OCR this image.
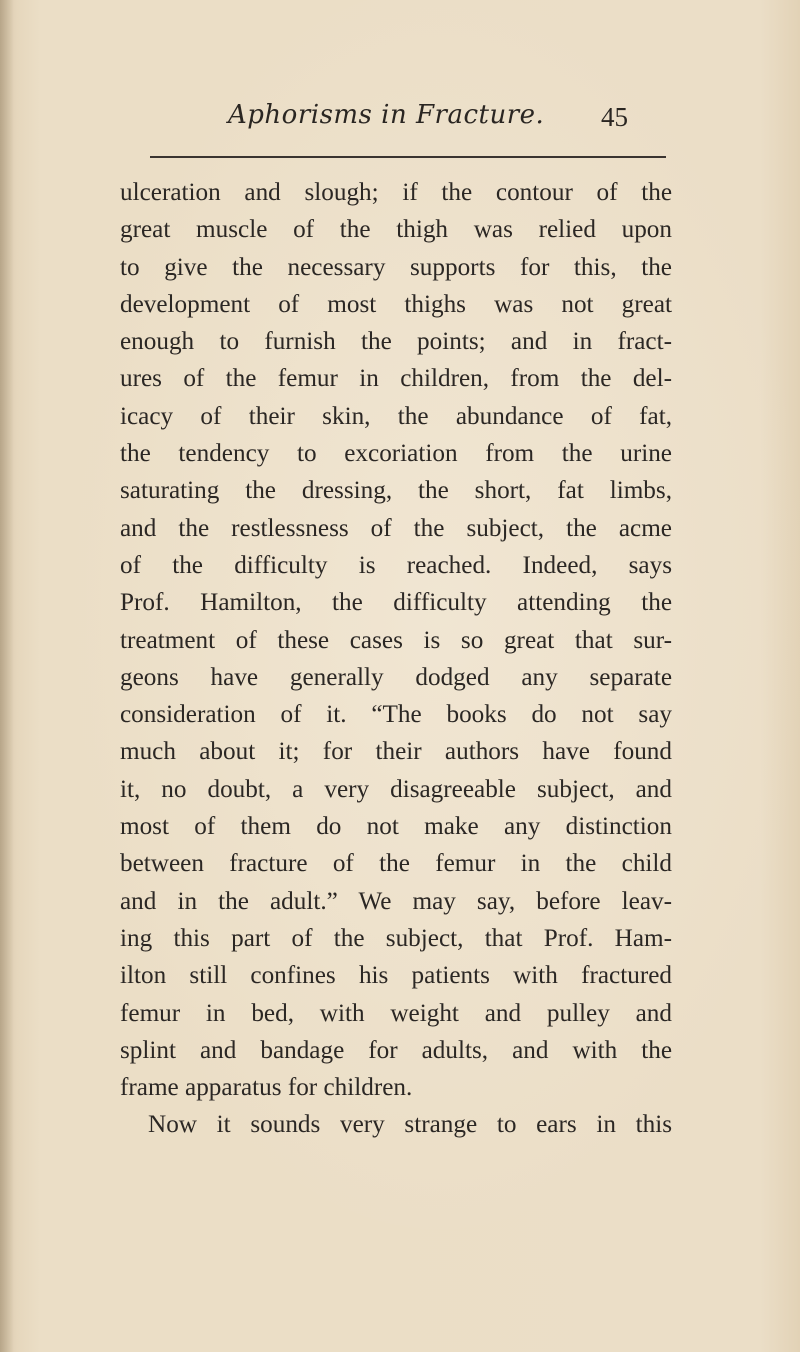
Aphorisms in Fracture. 45
ulceration and slough; if the contour of the
great muscle of the thigh was relied upon
to give the necessary supports for this, the
development of most thighs was not great
enough to furnish the points; and in fract-
ures of the femur in children, from the del-
icacy of their skin, the abundance of fat,
the tendency to excoriation from the urine
saturating the dressing, the short, fat limbs,
and the restlessness of the subject, the acme
of the difficulty is reached. Indeed, says
Prof. Hamilton, the difficulty attending the
treatment of these cases is so great that sur-
geons have generally dodged any separate
consideration of it. “The books do not say
much about it; for their authors have found
it, no doubt, a very disagreeable subject, and
most of them do not make any distinction
between fracture of the femur in the child
and in the adult.” We may say, before leav-
ing this part of the subject, that Prof. Ham-
ilton still confines his patients with fractured
femur in bed, with weight and pulley and
splint and bandage for adults, and with the
frame apparatus for children.
Now it sounds very strange to ears in this
